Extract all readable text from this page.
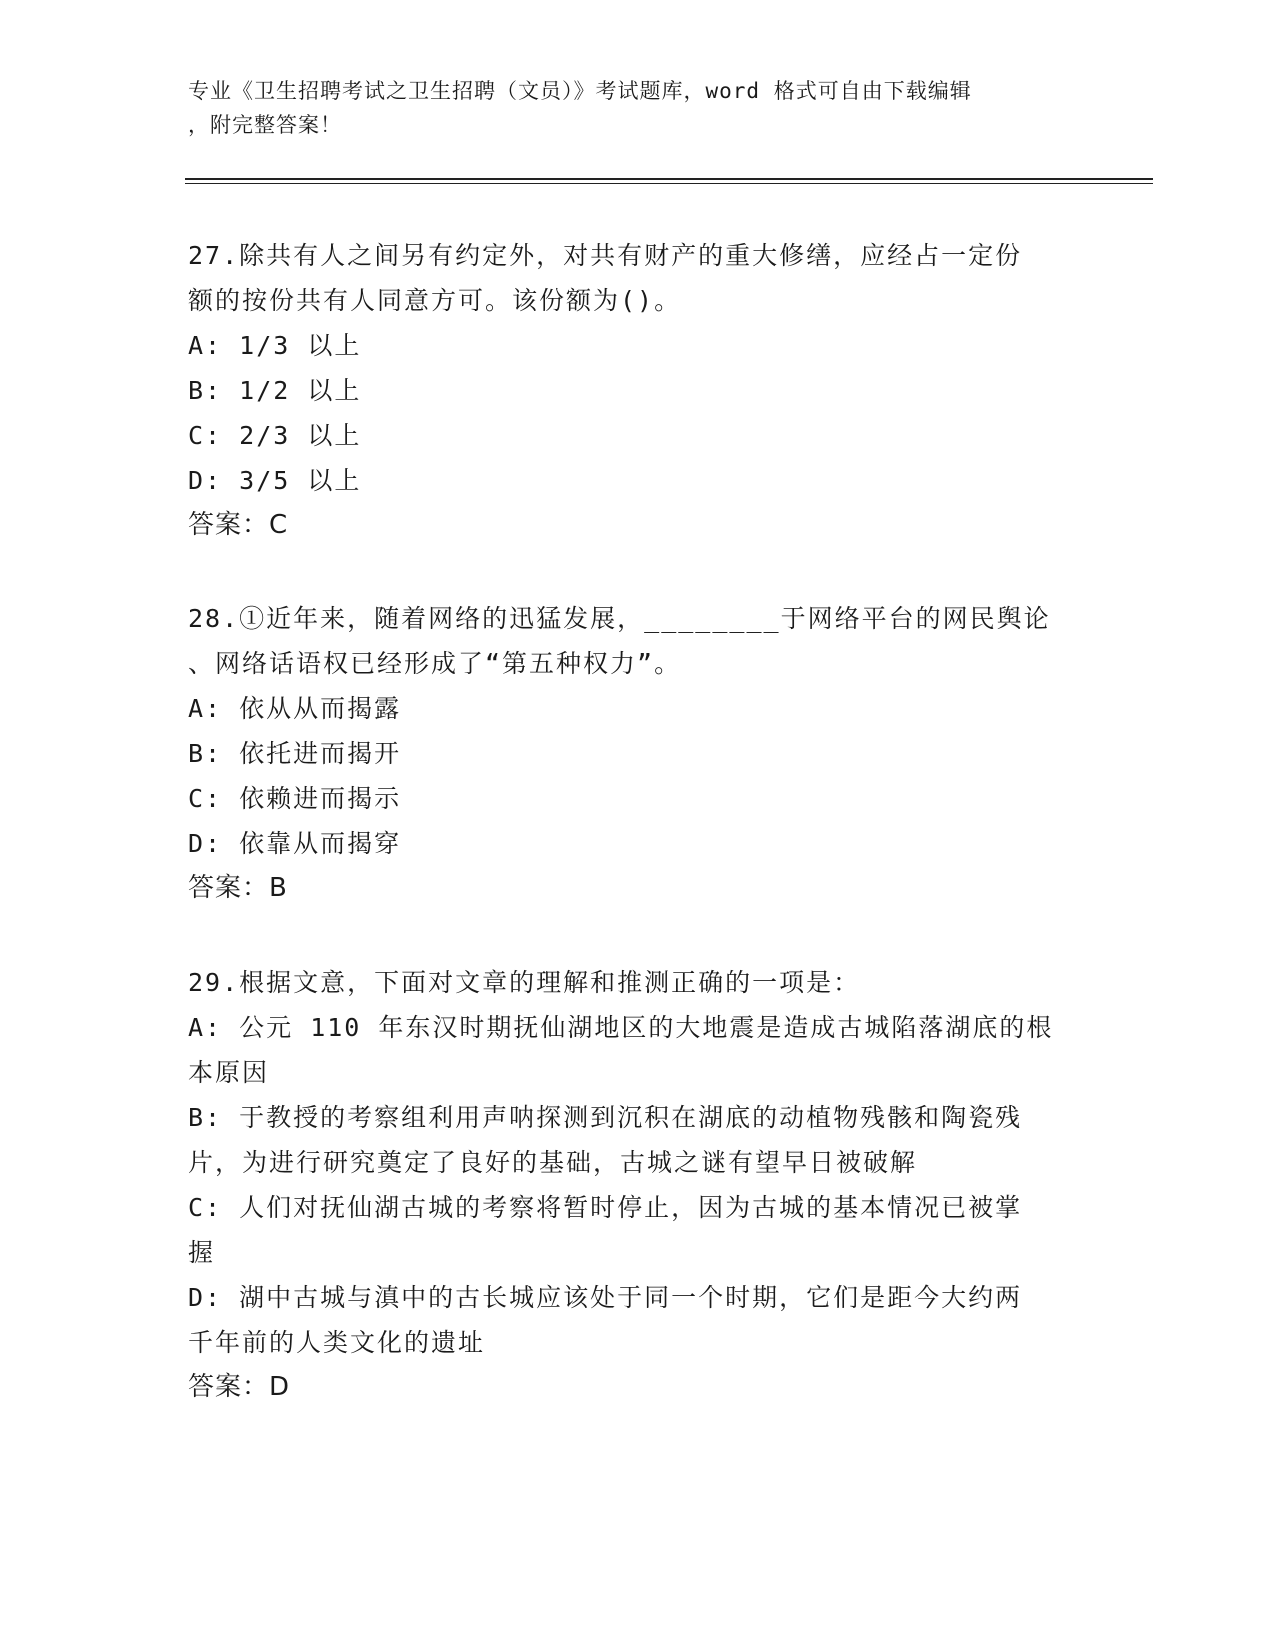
专业《卫生招聘考试之卫生招聘（文员）》考试题库，word 格式可自由下载编辑
，附完整答案！

27.除共有人之间另有约定外，对共有财产的重大修缮，应经占一定份

额的按份共有人同意方可。该份额为()。

A: 1/3 以上

B: 1/2 以上

C: 2/3 以上

D: 3/5 以上

答案：C

28.①近年来，随着网络的迅猛发展，________于网络平台的网民舆论

、网络话语权已经形成了“第五种权力”。

A: 依从从而揭露

B: 依托进而揭开

C: 依赖进而揭示

D: 依靠从而揭穿

答案：B

29.根据文意，下面对文章的理解和推测正确的一项是：

A: 公元 110 年东汉时期抚仙湖地区的大地震是造成古城陷落湖底的根

本原因

B: 于教授的考察组利用声呐探测到沉积在湖底的动植物残骸和陶瓷残

片，为进行研究奠定了良好的基础，古城之谜有望早日被破解

C: 人们对抚仙湖古城的考察将暂时停止，因为古城的基本情况已被掌

握

D: 湖中古城与滇中的古长城应该处于同一个时期，它们是距今大约两

千年前的人类文化的遗址

答案：D
